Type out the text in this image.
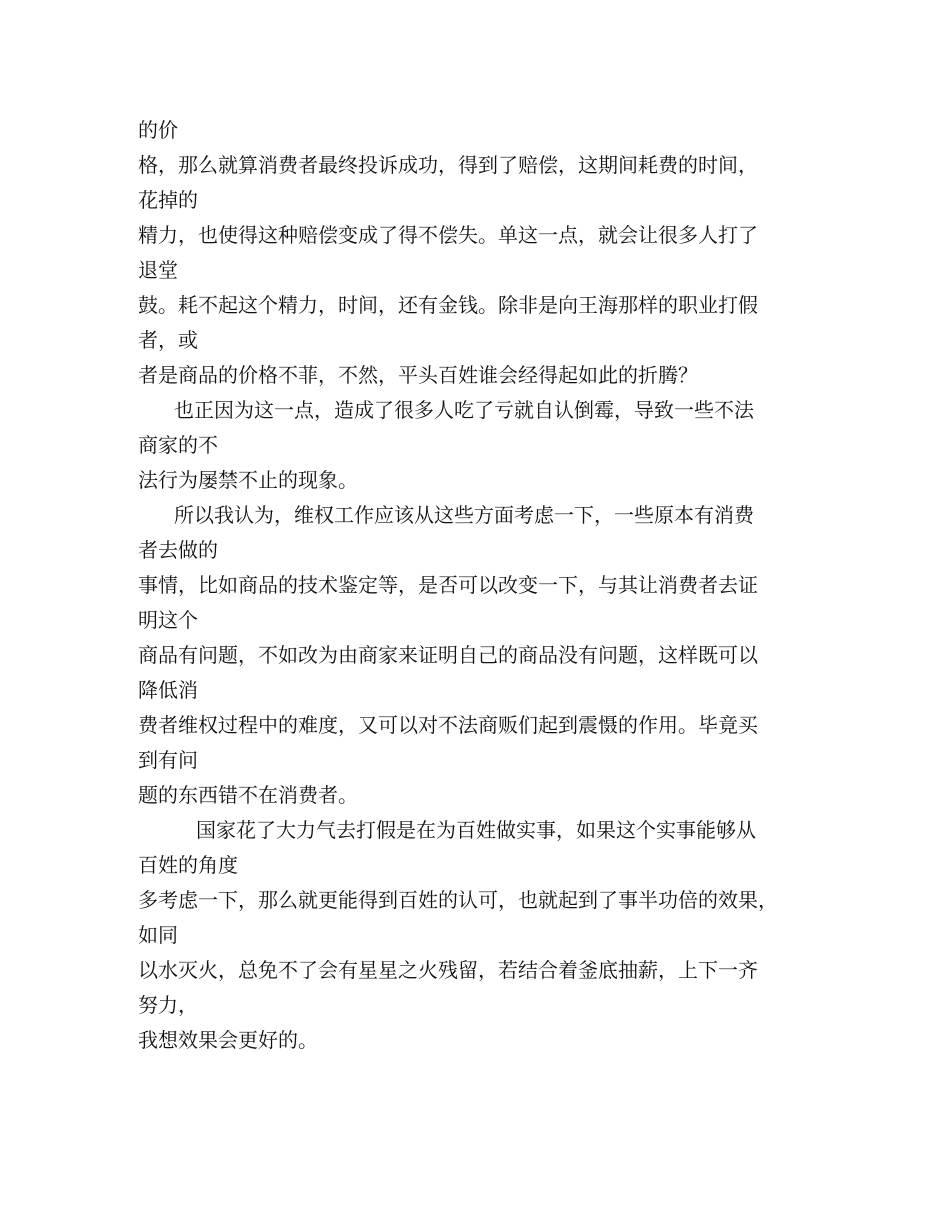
的价
格，那么就算消费者最终投诉成功，得到了赔偿，这期间耗费的时间，
花掉的
精力，也使得这种赔偿变成了得不偿失。单这一点，就会让很多人打了
退堂
鼓。耗不起这个精力，时间，还有金钱。除非是向王海那样的职业打假
者，或
者是商品的价格不菲，不然，平头百姓谁会经得起如此的折腾？
也正因为这一点，造成了很多人吃了亏就自认倒霉，导致一些不法
商家的不
法行为屡禁不止的现象。
所以我认为，维权工作应该从这些方面考虑一下，一些原本有消费
者去做的
事情，比如商品的技术鉴定等，是否可以改变一下，与其让消费者去证
明这个
商品有问题，不如改为由商家来证明自己的商品没有问题，这样既可以
降低消
费者维权过程中的难度，又可以对不法商贩们起到震慑的作用。毕竟买
到有问
题的东西错不在消费者。
国家花了大力气去打假是在为百姓做实事，如果这个实事能够从
百姓的角度
多考虑一下，那么就更能得到百姓的认可，也就起到了事半功倍的效果，
如同
以水灭火，总免不了会有星星之火残留，若结合着釜底抽薪，上下一齐
努力，
我想效果会更好的。
